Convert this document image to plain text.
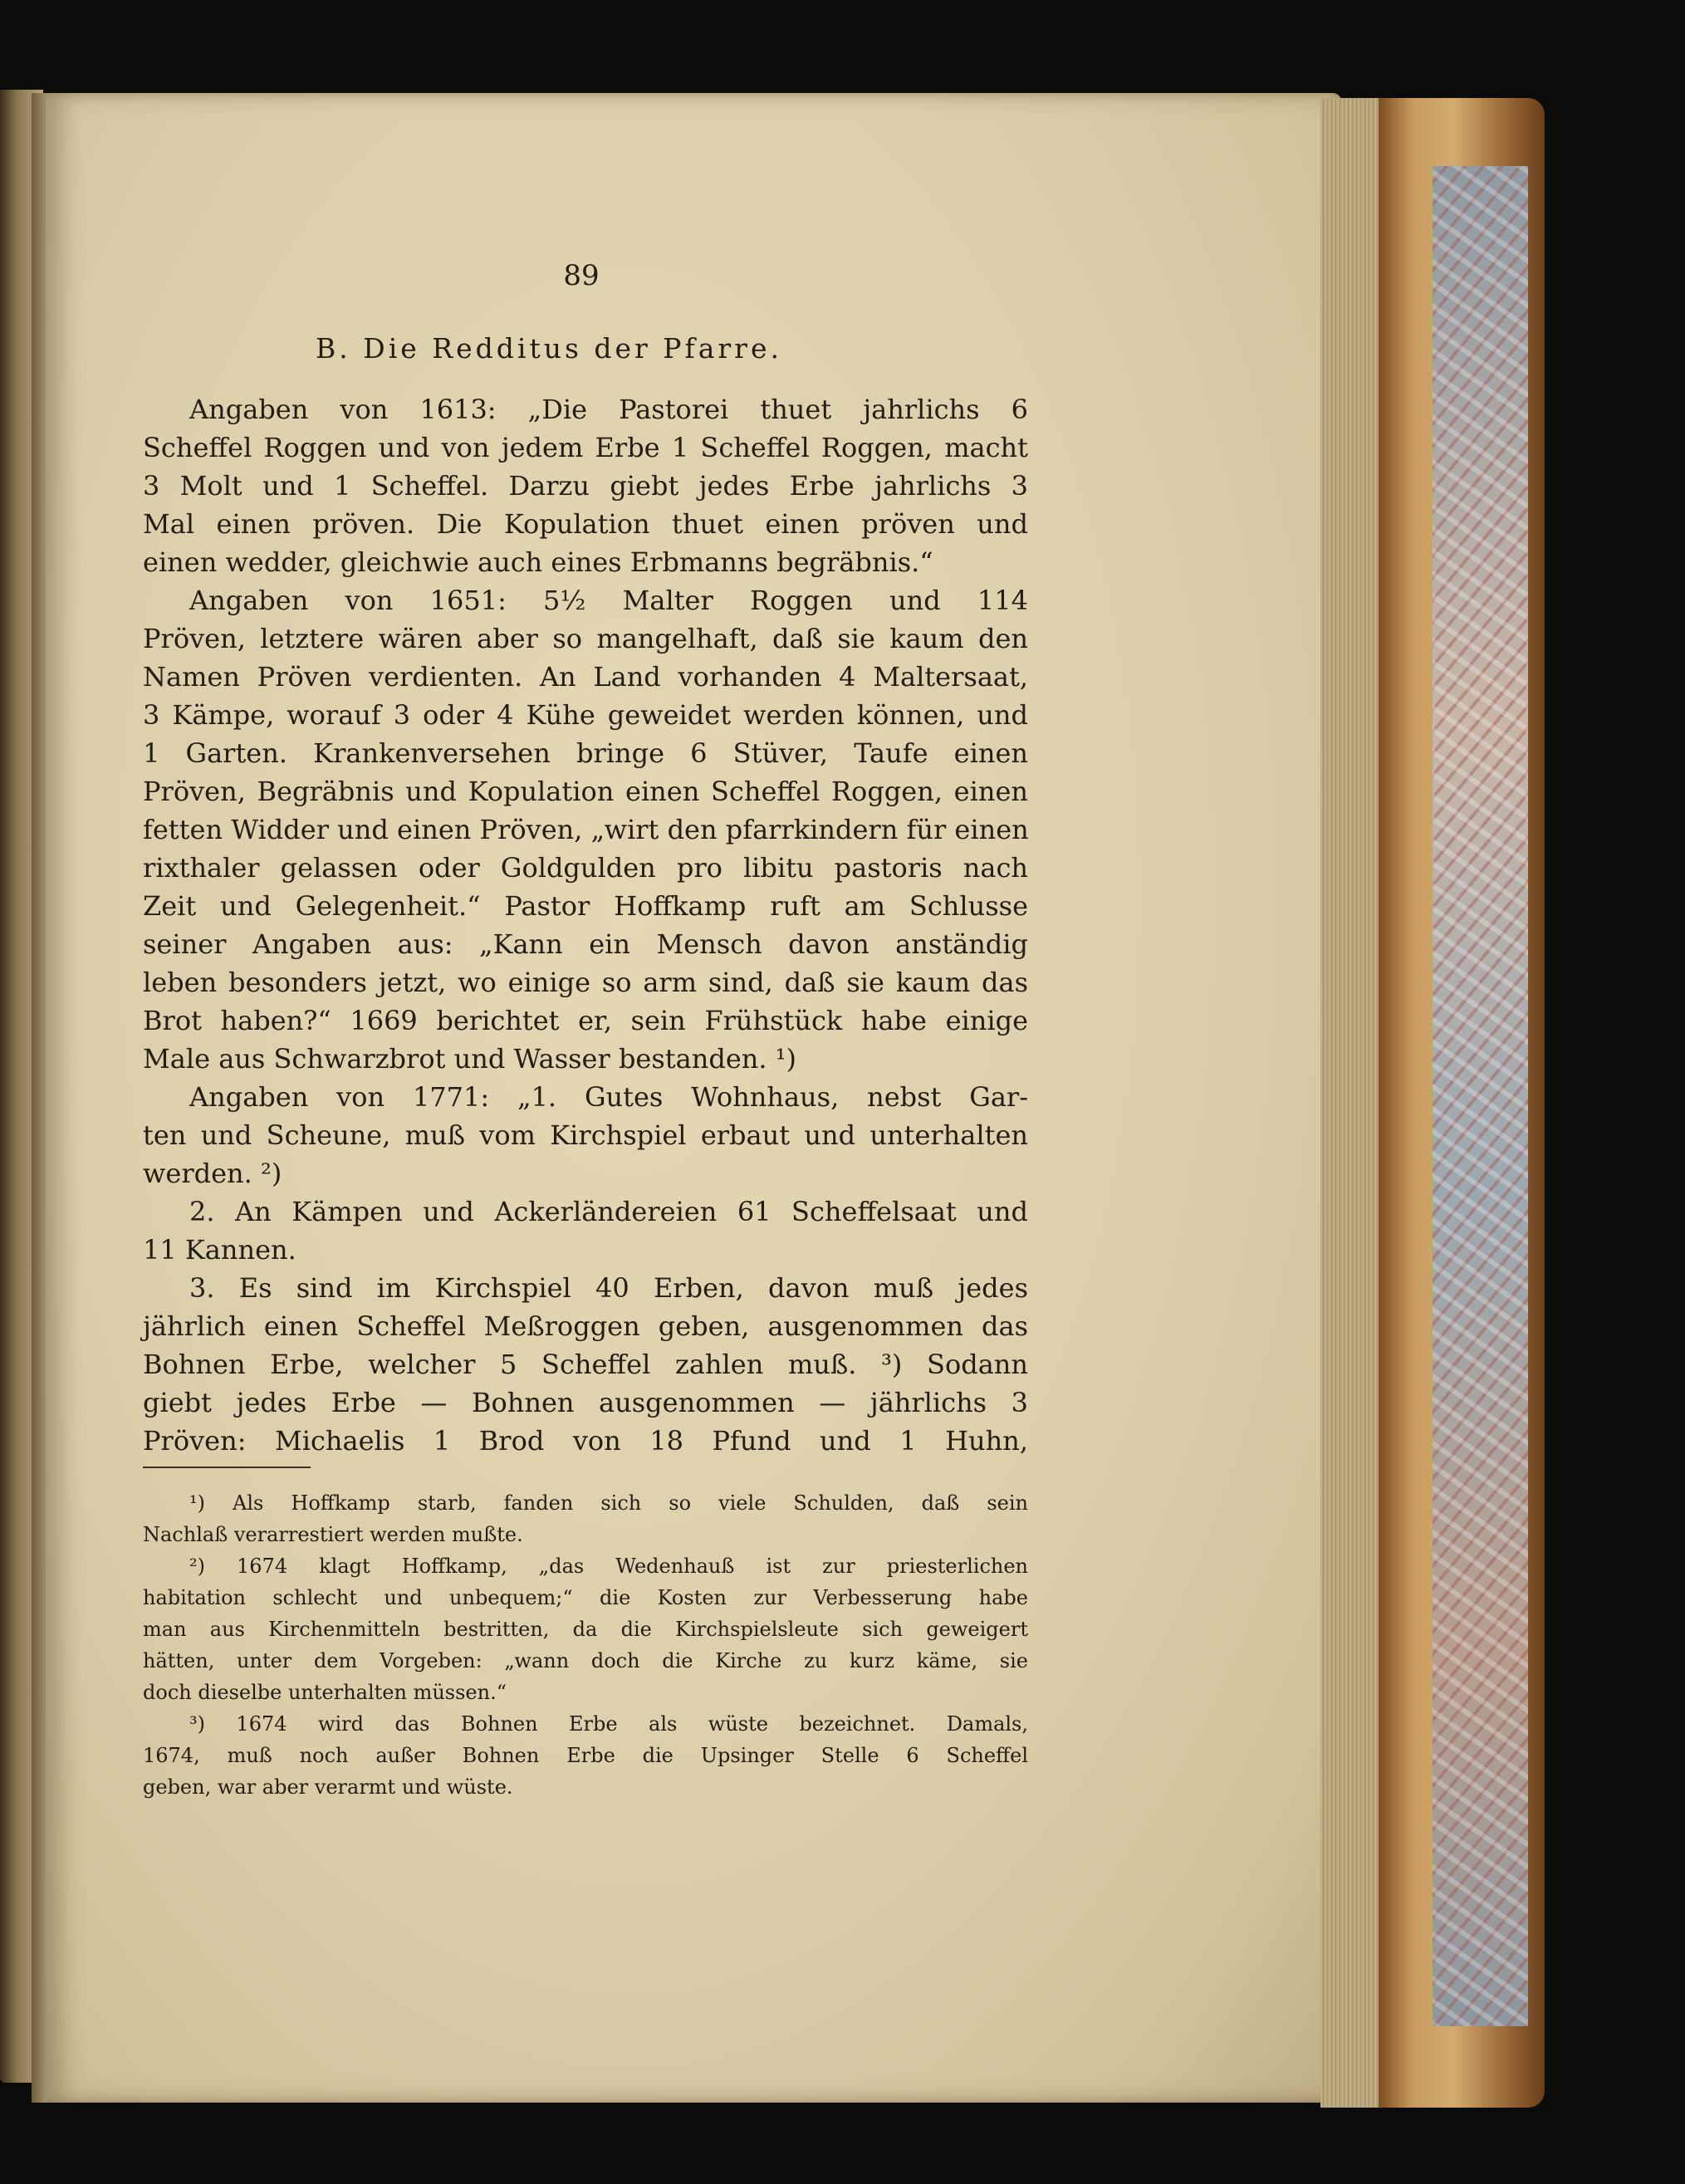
89

B. Die Redditus der Pfarre.

Angaben von 1613: „Die Pastorei thuet jahrlichs 6

Scheffel Roggen und von jedem Erbe 1 Scheffel Roggen, macht

3 Molt und 1 Scheffel. Darzu giebt jedes Erbe jahrlichs 3

Mal einen pröven. Die Kopulation thuet einen pröven und

einen wedder, gleichwie auch eines Erbmanns begräbnis.“

Angaben von 1651: 5½ Malter Roggen und 114

Pröven, letztere wären aber so mangelhaft, daß sie kaum den

Namen Pröven verdienten. An Land vorhanden 4 Maltersaat,

3 Kämpe, worauf 3 oder 4 Kühe geweidet werden können, und

1 Garten. Krankenversehen bringe 6 Stüver, Taufe einen

Pröven, Begräbnis und Kopulation einen Scheffel Roggen, einen

fetten Widder und einen Pröven, „wirt den pfarrkindern für einen

rixthaler gelassen oder Goldgulden pro libitu pastoris nach

Zeit und Gelegenheit.“ Pastor Hoffkamp ruft am Schlusse

seiner Angaben aus: „Kann ein Mensch davon anständig

leben besonders jetzt, wo einige so arm sind, daß sie kaum das

Brot haben?“ 1669 berichtet er, sein Frühstück habe einige

Male aus Schwarzbrot und Wasser bestanden. ¹)

Angaben von 1771: „1. Gutes Wohnhaus, nebst Gar-

ten und Scheune, muß vom Kirchspiel erbaut und unterhalten

werden. ²)

2. An Kämpen und Ackerländereien 61 Scheffelsaat und

11 Kannen.

3. Es sind im Kirchspiel 40 Erben, davon muß jedes

jährlich einen Scheffel Meßroggen geben, ausgenommen das

Bohnen Erbe, welcher 5 Scheffel zahlen muß. ³) Sodann

giebt jedes Erbe — Bohnen ausgenommen — jährlichs 3

Pröven: Michaelis 1 Brod von 18 Pfund und 1 Huhn,

¹) Als Hoffkamp starb, fanden sich so viele Schulden, daß sein

Nachlaß verarrestiert werden mußte.

²) 1674 klagt Hoffkamp, „das Wedenhauß ist zur priesterlichen

habitation schlecht und unbequem;“ die Kosten zur Verbesserung habe

man aus Kirchenmitteln bestritten, da die Kirchspielsleute sich geweigert

hätten, unter dem Vorgeben: „wann doch die Kirche zu kurz käme, sie

doch dieselbe unterhalten müssen.“

³) 1674 wird das Bohnen Erbe als wüste bezeichnet. Damals,

1674, muß noch außer Bohnen Erbe die Upsinger Stelle 6 Scheffel

geben, war aber verarmt und wüste.
